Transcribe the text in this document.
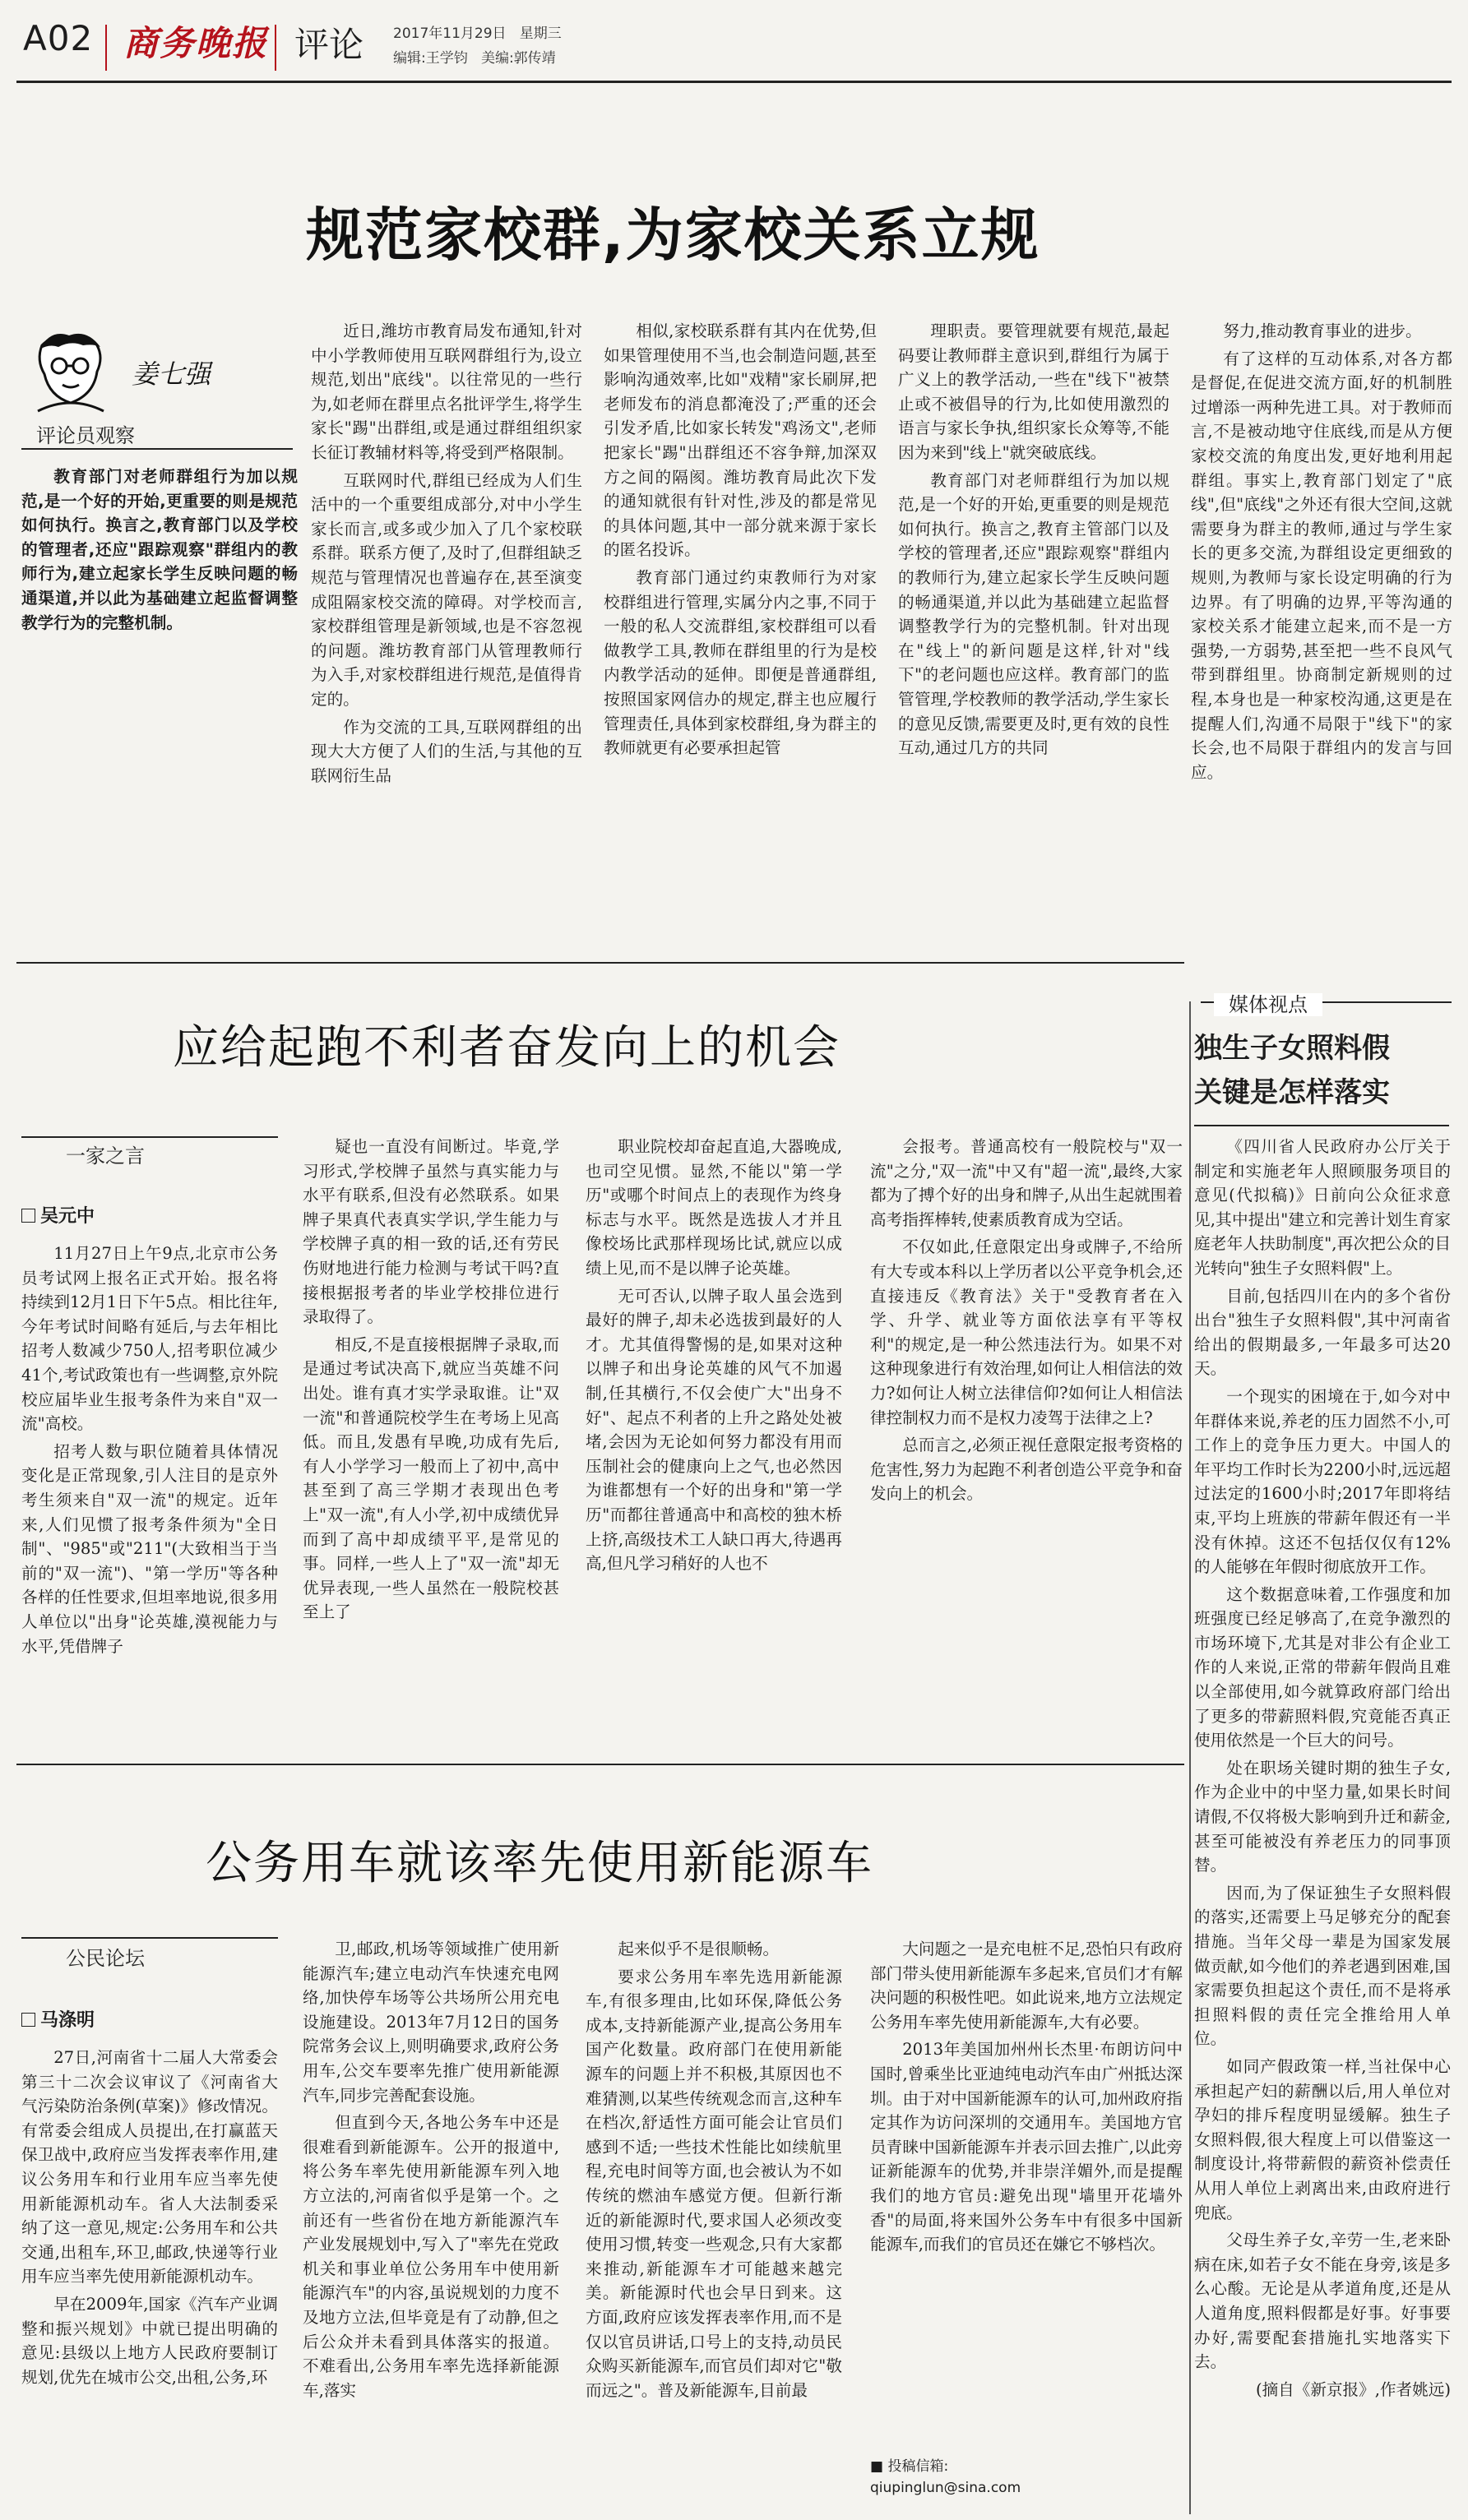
A02 商务晚报 评论 2017年11月29日 星期三
编辑:王学钧 美编:郭传靖
规范家校群,为家校关系立规
姜七强
评论员观察

教育部门对老师群组行为加以规范,是一个好的开始,更重要的则是规范如何执行。换言之,教育部门以及学校的管理者,还应"跟踪观察"群组内的教师行为,建立起家长学生反映问题的畅通渠道,并以此为基础建立起监督调整教学行为的完整机制。

近日,潍坊市教育局发布通知,针对中小学教师使用互联网群组行为,设立规范,划出"底线"。以往常见的一些行为,如老师在群里点名批评学生,将学生家长"踢"出群组,或是通过群组组织家长征订教辅材料等,将受到严格限制。

互联网时代,群组已经成为人们生活中的一个重要组成部分,对中小学生家长而言,或多或少加入了几个家校联系群。联系方便了,及时了,但群组缺乏规范与管理情况也普遍存在,甚至演变成阻隔家校交流的障碍。对学校而言,家校群组管理是新领域,也是不容忽视的问题。潍坊教育部门从管理教师行为入手,对家校群组进行规范,是值得肯定的。

作为交流的工具,互联网群组的出现大大方便了人们的生活,与其他的互联网衍生品

相似,家校联系群有其内在优势,但如果管理使用不当,也会制造问题,甚至影响沟通效率,比如"戏精"家长刷屏,把老师发布的消息都淹没了;严重的还会引发矛盾,比如家长转发"鸡汤文",老师把家长"踢"出群组还不容争辩,加深双方之间的隔阂。潍坊教育局此次下发的通知就很有针对性,涉及的都是常见的具体问题,其中一部分就来源于家长的匿名投诉。

教育部门通过约束教师行为对家校群组进行管理,实属分内之事,不同于一般的私人交流群组,家校群组可以看做教学工具,教师在群组里的行为是校内教学活动的延伸。即便是普通群组,按照国家网信办的规定,群主也应履行管理责任,具体到家校群组,身为群主的教师就更有必要承担起管

理职责。要管理就要有规范,最起码要让教师群主意识到,群组行为属于广义上的教学活动,一些在"线下"被禁止或不被倡导的行为,比如使用激烈的语言与家长争执,组织家长众筹等,不能因为来到"线上"就突破底线。

教育部门对老师群组行为加以规范,是一个好的开始,更重要的则是规范如何执行。换言之,教育主管部门以及学校的管理者,还应"跟踪观察"群组内的教师行为,建立起家长学生反映问题的畅通渠道,并以此为基础建立起监督调整教学行为的完整机制。针对出现在"线上"的新问题是这样,针对"线下"的老问题也应这样。教育部门的监管管理,学校教师的教学活动,学生家长的意见反馈,需要更及时,更有效的良性互动,通过几方的共同

努力,推动教育事业的进步。

有了这样的互动体系,对各方都是督促,在促进交流方面,好的机制胜过增添一两种先进工具。对于教师而言,不是被动地守住底线,而是从方便家校交流的角度出发,更好地利用起群组。事实上,教育部门划定了"底线",但"底线"之外还有很大空间,这就需要身为群主的教师,通过与学生家长的更多交流,为群组设定更细致的规则,为教师与家长设定明确的行为边界。有了明确的边界,平等沟通的家校关系才能建立起来,而不是一方强势,一方弱势,甚至把一些不良风气带到群组里。协商制定新规则的过程,本身也是一种家校沟通,这更是在提醒人们,沟通不局限于"线下"的家长会,也不局限于群组内的发言与回应。

应给起跑不利者奋发向上的机会
一家之言
吴元中

11月27日上午9点,北京市公务员考试网上报名正式开始。报名将持续到12月1日下午5点。相比往年,今年考试时间略有延后,与去年相比招考人数减少750人,招考职位减少41个,考试政策也有一些调整,京外院校应届毕业生报考条件为来自"双一流"高校。

招考人数与职位随着具体情况变化是正常现象,引人注目的是京外考生须来自"双一流"的规定。近年来,人们见惯了报考条件须为"全日制"、"985"或"211"(大致相当于当前的"双一流")、"第一学历"等各种各样的任性要求,但坦率地说,很多用人单位以"出身"论英雄,漠视能力与水平,凭借牌子

疑也一直没有间断过。毕竟,学习形式,学校牌子虽然与真实能力与水平有联系,但没有必然联系。如果牌子果真代表真实学识,学生能力与学校牌子真的相一致的话,还有劳民伤财地进行能力检测与考试干吗?直接根据报考者的毕业学校排位进行录取得了。

相反,不是直接根据牌子录取,而是通过考试决高下,就应当英雄不问出处。谁有真才实学录取谁。让"双一流"和普通院校学生在考场上见高低。而且,发愚有早晚,功成有先后,有人小学学习一般而上了初中,高中甚至到了高三学期才表现出色考上"双一流",有人小学,初中成绩优异而到了高中却成绩平平,是常见的事。同样,一些人上了"双一流"却无优异表现,一些人虽然在一般院校甚至上了

职业院校却奋起直追,大器晚成,也司空见惯。显然,不能以"第一学历"或哪个时间点上的表现作为终身标志与水平。既然是选拔人才并且像校场比武那样现场比试,就应以成绩上见,而不是以牌子论英雄。

无可否认,以牌子取人虽会选到最好的牌子,却未必选拔到最好的人才。尤其值得警惕的是,如果对这种以牌子和出身论英雄的风气不加遏制,任其横行,不仅会使广大"出身不好"、起点不利者的上升之路处处被堵,会因为无论如何努力都没有用而压制社会的健康向上之气,也必然因为谁都想有一个好的出身和"第一学历"而都往普通高中和高校的独木桥上挤,高级技术工人缺口再大,待遇再高,但凡学习稍好的人也不

会报考。普通高校有一般院校与"双一流"之分,"双一流"中又有"超一流",最终,大家都为了搏个好的出身和牌子,从出生起就围着高考指挥棒转,使素质教育成为空话。

不仅如此,任意限定出身或牌子,不给所有大专或本科以上学历者以公平竞争机会,还直接违反《教育法》关于"受教育者在入学、升学、就业等方面依法享有平等权利"的规定,是一种公然违法行为。如果不对这种现象进行有效治理,如何让人相信法的效力?如何让人树立法律信仰?如何让人相信法律控制权力而不是权力凌驾于法律之上?

总而言之,必须正视任意限定报考资格的危害性,努力为起跑不利者创造公平竞争和奋发向上的机会。

公务用车就该率先使用新能源车
公民论坛
马涤明

27日,河南省十二届人大常委会第三十二次会议审议了《河南省大气污染防治条例(草案)》修改情况。有常委会组成人员提出,在打赢蓝天保卫战中,政府应当发挥表率作用,建议公务用车和行业用车应当率先使用新能源机动车。省人大法制委采纳了这一意见,规定:公务用车和公共交通,出租车,环卫,邮政,快递等行业用车应当率先使用新能源机动车。

早在2009年,国家《汽车产业调整和振兴规划》中就已提出明确的意见:县级以上地方人民政府要制订规划,优先在城市公交,出租,公务,环

卫,邮政,机场等领域推广使用新能源汽车;建立电动汽车快速充电网络,加快停车场等公共场所公用充电设施建设。2013年7月12日的国务院常务会议上,则明确要求,政府公务用车,公交车要率先推广使用新能源汽车,同步完善配套设施。

但直到今天,各地公务车中还是很难看到新能源车。公开的报道中,将公务车率先使用新能源车列入地方立法的,河南省似乎是第一个。之前还有一些省份在地方新能源汽车产业发展规划中,写入了"率先在党政机关和事业单位公务用车中使用新能源汽车"的内容,虽说规划的力度不及地方立法,但毕竟是有了动静,但之后公众并未看到具体落实的报道。不难看出,公务用车率先选择新能源车,落实

起来似乎不是很顺畅。

要求公务用车率先选用新能源车,有很多理由,比如环保,降低公务成本,支持新能源产业,提高公务用车国产化数量。政府部门在使用新能源车的问题上并不积极,其原因也不难猜测,以某些传统观念而言,这种车在档次,舒适性方面可能会让官员们感到不适;一些技术性能比如续航里程,充电时间等方面,也会被认为不如传统的燃油车感觉方便。但新行渐近的新能源时代,要求国人必须改变使用习惯,转变一些观念,只有大家都来推动,新能源车才可能越来越完美。新能源时代也会早日到来。这方面,政府应该发挥表率作用,而不是仅以官员讲话,口号上的支持,动员民众购买新能源车,而官员们却对它"敬而远之"。普及新能源车,目前最

大问题之一是充电桩不足,恐怕只有政府部门带头使用新能源车多起来,官员们才有解决问题的积极性吧。如此说来,地方立法规定公务用车率先使用新能源车,大有必要。

2013年美国加州州长杰里·布朗访问中国时,曾乘坐比亚迪纯电动汽车由广州抵达深圳。由于对中国新能源车的认可,加州政府指定其作为访问深圳的交通用车。美国地方官员青睐中国新能源车并表示回去推广,以此旁证新能源车的优势,并非崇洋媚外,而是提醒我们的地方官员:避免出现"墙里开花墙外香"的局面,将来国外公务车中有很多中国新能源车,而我们的官员还在嫌它不够档次。

■ 投稿信箱:
qiupinglun@sina.com
媒体视点
独生子女照料假
关键是怎样落实

《四川省人民政府办公厅关于制定和实施老年人照顾服务项目的意见(代拟稿)》日前向公众征求意见,其中提出"建立和完善计划生育家庭老年人扶助制度",再次把公众的目光转向"独生子女照料假"上。

目前,包括四川在内的多个省份出台"独生子女照料假",其中河南省给出的假期最多,一年最多可达20天。

一个现实的困境在于,如今对中年群体来说,养老的压力固然不小,可工作上的竞争压力更大。中国人的年平均工作时长为2200小时,远远超过法定的1600小时;2017年即将结束,平均上班族的带薪年假还有一半没有休掉。这还不包括仅仅有12%的人能够在年假时彻底放开工作。

这个数据意味着,工作强度和加班强度已经足够高了,在竞争激烈的市场环境下,尤其是对非公有企业工作的人来说,正常的带薪年假尚且难以全部使用,如今就算政府部门给出了更多的带薪照料假,究竟能否真正使用依然是一个巨大的问号。

处在职场关键时期的独生子女,作为企业中的中坚力量,如果长时间请假,不仅将极大影响到升迁和薪金,甚至可能被没有养老压力的同事顶替。

因而,为了保证独生子女照料假的落实,还需要上马足够充分的配套措施。当年父母一辈是为国家发展做贡献,如今他们的养老遇到困难,国家需要负担起这个责任,而不是将承担照料假的责任完全推给用人单位。

如同产假政策一样,当社保中心承担起产妇的薪酬以后,用人单位对孕妇的排斥程度明显缓解。独生子女照料假,很大程度上可以借鉴这一制度设计,将带薪假的薪资补偿责任从用人单位上剥离出来,由政府进行兜底。

父母生养子女,辛劳一生,老来卧病在床,如若子女不能在身旁,该是多么心酸。无论是从孝道角度,还是从人道角度,照料假都是好事。好事要办好,需要配套措施扎实地落实下去。

(摘自《新京报》,作者姚远)
